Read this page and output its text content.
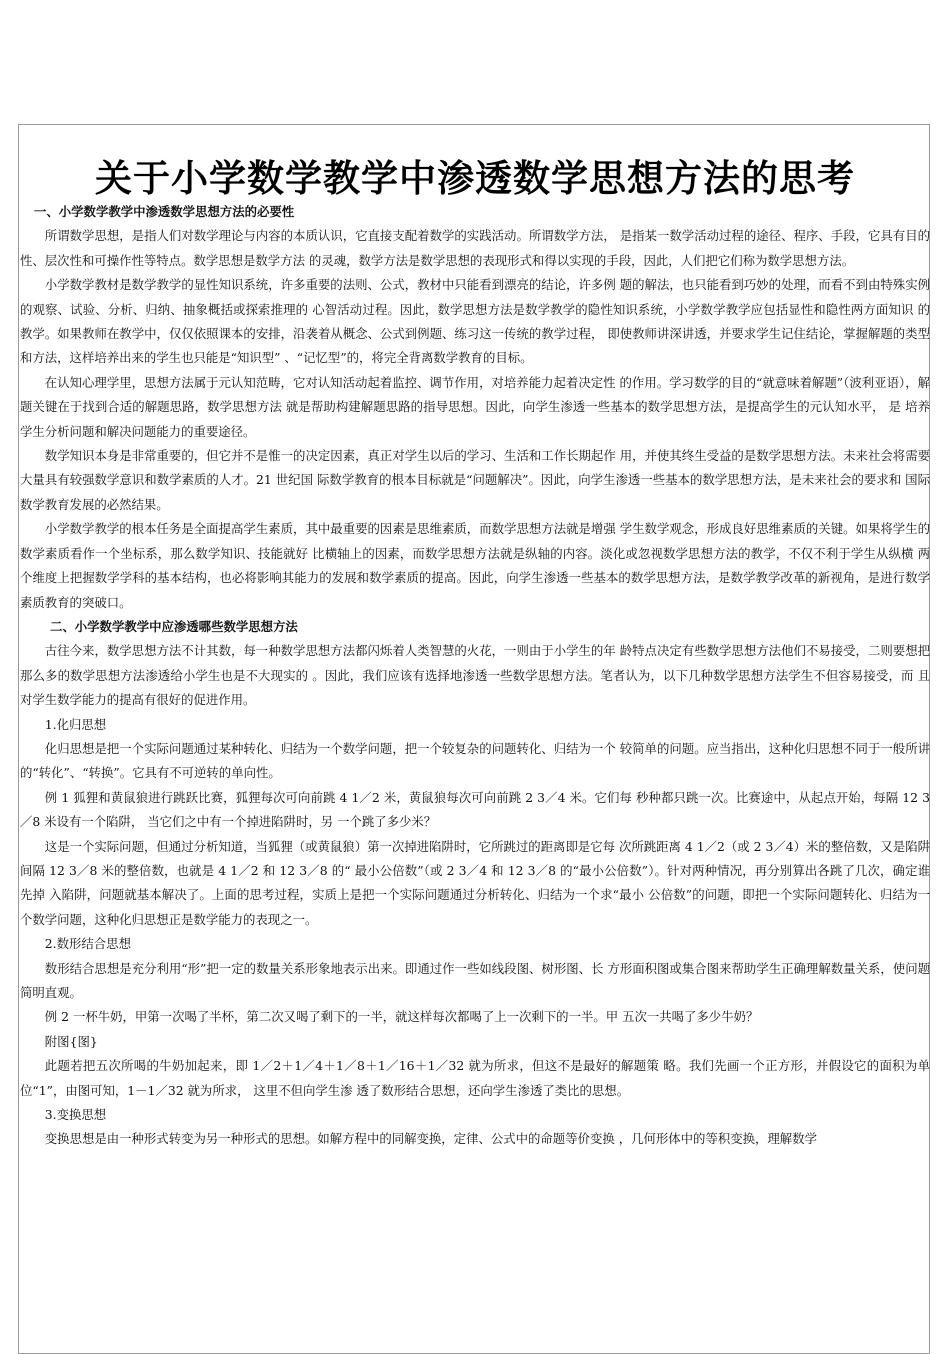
关于小学数学教学中渗透数学思想方法的思考
一、小学数学教学中渗透数学思想方法的必要性

所谓数学思想，是指人们对数学理论与内容的本质认识，它直接支配着数学的实践活动。所谓数学方法， 是指某一数学活动过程的途径、程序、手段，它具有目的性、层次性和可操作性等特点。数学思想是数学方法 的灵魂，数学方法是数学思想的表现形式和得以实现的手段，因此，人们把它们称为数学思想方法。

小学数学教材是数学教学的显性知识系统，许多重要的法则、公式，教材中只能看到漂亮的结论，许多例 题的解法，也只能看到巧妙的处理，而看不到由特殊实例的观察、试验、分析、归纳、抽象概括或探索推理的 心智活动过程。因此，数学思想方法是数学教学的隐性知识系统，小学数学教学应包括显性和隐性两方面知识 的教学。如果教师在教学中，仅仅依照课本的安排，沿袭着从概念、公式到例题、练习这一传统的教学过程， 即使教师讲深讲透，并要求学生记住结论，掌握解题的类型和方法，这样培养出来的学生也只能是“知识型” 、“记忆型”的，将完全背离数学教育的目标。

在认知心理学里，思想方法属于元认知范畴，它对认知活动起着监控、调节作用，对培养能力起着决定性 的作用。学习数学的目的“就意味着解题”（波利亚语），解题关键在于找到合适的解题思路，数学思想方法 就是帮助构建解题思路的指导思想。因此，向学生渗透一些基本的数学思想方法，是提高学生的元认知水平， 是 培养学生分析问题和解决问题能力的重要途径。

数学知识本身是非常重要的，但它并不是惟一的决定因素，真正对学生以后的学习、生活和工作长期起作 用，并使其终生受益的是数学思想方法。未来社会将需要大量具有较强数学意识和数学素质的人才。21 世纪国 际数学教育的根本目标就是“问题解决”。因此，向学生渗透一些基本的数学思想方法，是未来社会的要求和 国际数学教育发展的必然结果。

小学数学教学的根本任务是全面提高学生素质，其中最重要的因素是思维素质，而数学思想方法就是增强 学生数学观念，形成良好思维素质的关键。如果将学生的数学素质看作一个坐标系，那么数学知识、技能就好 比横轴上的因素，而数学思想方法就是纵轴的内容。淡化或忽视数学思想方法的教学，不仅不利于学生从纵横 两个维度上把握数学学科的基本结构，也必将影响其能力的发展和数学素质的提高。因此，向学生渗透一些基本的数学思想方法，是数学教学改革的新视角，是进行数学素质教育的突破口。

二、小学数学教学中应渗透哪些数学思想方法

古往今来，数学思想方法不计其数，每一种数学思想方法都闪烁着人类智慧的火花，一则由于小学生的年 龄特点决定有些数学思想方法他们不易接受，二则要想把那么多的数学思想方法渗透给小学生也是不大现实的 。因此，我们应该有选择地渗透一些数学思想方法。笔者认为，以下几种数学思想方法学生不但容易接受，而 且对学生数学能力的提高有很好的促进作用。

1.化归思想

化归思想是把一个实际问题通过某种转化、归结为一个数学问题，把一个较复杂的问题转化、归结为一个 较简单的问题。应当指出，这种化归思想不同于一般所讲的“转化”、“转换”。它具有不可逆转的单向性。

例 1 狐狸和黄鼠狼进行跳跃比赛，狐狸每次可向前跳 4 1／2 米，黄鼠狼每次可向前跳 2 3／4 米。它们每 秒种都只跳一次。比赛途中，从起点开始，每隔 12 3／8 米设有一个陷阱， 当它们之中有一个掉进陷阱时，另 一个跳了多少米？

这是一个实际问题，但通过分析知道，当狐狸（或黄鼠狼）第一次掉进陷阱时，它所跳过的距离即是它每 次所跳距离 4 1／2（或 2 3／4）米的整倍数，又是陷阱间隔 12 3／8 米的整倍数，也就是 4 1／2 和 12 3／8 的“ 最小公倍数”（或 2 3／4 和 12 3／8 的“最小公倍数”）。针对两种情况，再分别算出各跳了几次，确定谁先掉 入陷阱，问题就基本解决了。上面的思考过程，实质上是把一个实际问题通过分析转化、归结为一个求“最小 公倍数”的问题，即把一个实际问题转化、归结为一个数学问题，这种化归思想正是数学能力的表现之一。

2.数形结合思想

数形结合思想是充分利用“形”把一定的数量关系形象地表示出来。即通过作一些如线段图、树形图、长 方形面积图或集合图来帮助学生正确理解数量关系，使问题简明直观。

例 2 一杯牛奶，甲第一次喝了半杯，第二次又喝了剩下的一半，就这样每次都喝了上一次剩下的一半。甲 五次一共喝了多少牛奶？

附图{图}

此题若把五次所喝的牛奶加起来，即 1／2＋1／4＋1／8＋1／16＋1／32 就为所求，但这不是最好的解题策 略。我们先画一个正方形，并假设它的面积为单位“1”，由图可知，1－1／32 就为所求， 这里不但向学生渗 透了数形结合思想，还向学生渗透了类比的思想。

3.变换思想

变换思想是由一种形式转变为另一种形式的思想。如解方程中的同解变换，定律、公式中的命题等价变换 ，几何形体中的等积变换，理解数学
